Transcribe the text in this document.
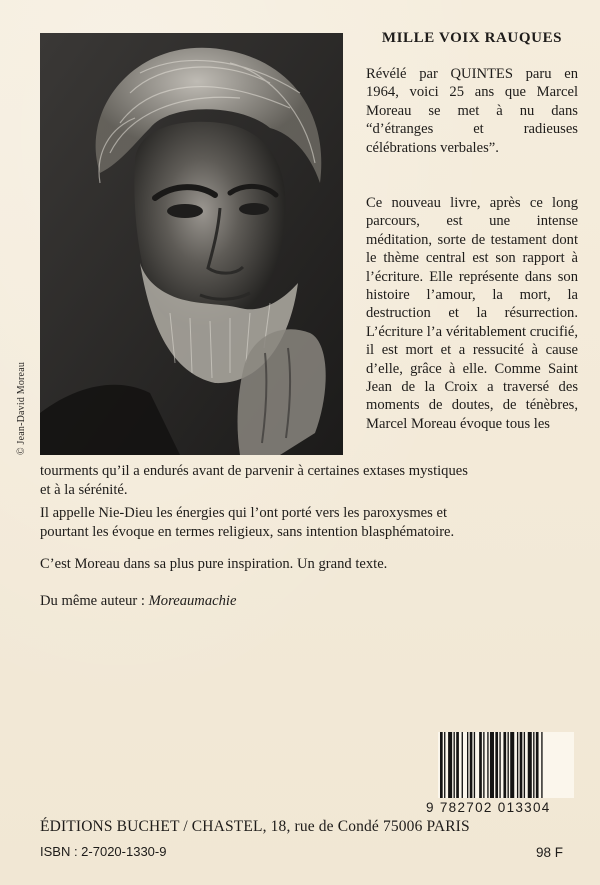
© Jean-David Moreau
MILLE VOIX RAUQUES
Révélé par QUINTES paru en 1964, voici 25 ans que Marcel Moreau se met à nu dans “d’étranges et radieuses célébrations verbales”.
Ce nouveau livre, après ce long parcours, est une intense méditation, sorte de testament dont le thème central est son rapport à l’écriture. Elle représente dans son histoire l’amour, la mort, la destruction et la résurrection. L’écriture l’a véritablement crucifié, il est mort et a ressucité à cause d’elle, grâce à elle. Comme Saint Jean de la Croix a traversé des moments de doutes, de ténèbres, Marcel Moreau évoque tous les
tourments qu’il a endurés avant de parvenir à certaines extases mystiques
et à la sérénité.
Il appelle Nie-Dieu les énergies qui l’ont porté vers les paroxysmes et
pourtant les évoque en termes religieux, sans intention blasphématoire.
C’est Moreau dans sa plus pure inspiration. Un grand texte.
Du même auteur : Moreaumachie
9 782702 013304
ÉDITIONS BUCHET / CHASTEL, 18, rue de Condé 75006 PARIS
ISBN : 2-7020-1330-9	98 F
